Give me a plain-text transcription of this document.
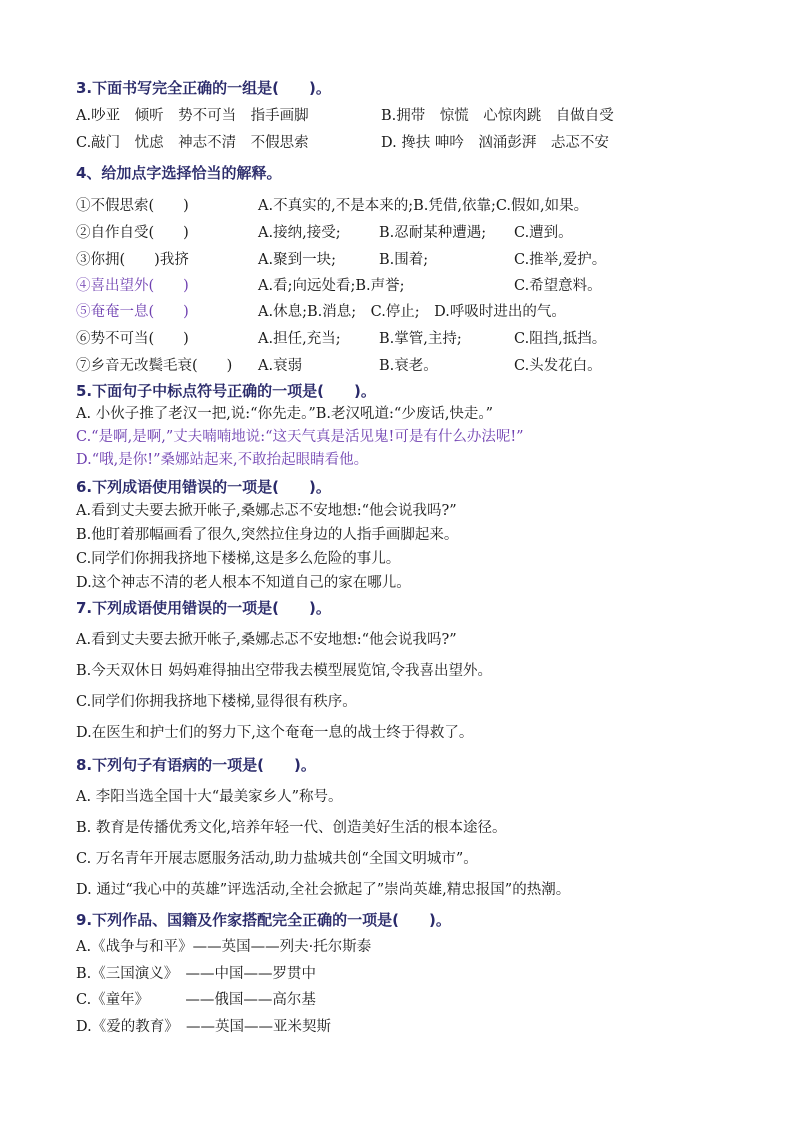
3.下面书写完全正确的一组是(　　)。
A.吵亚　倾听　势不可当　指手画脚	B.拥带　惊慌　心惊肉跳　自做自受
C.敲门　忧虑　神志不清　不假思索	D. 搀扶 呻吟　汹涌彭湃　忐忑不安
4、给加点字选择恰当的解释。
①不假思索(　　)	A.不真实的,不是本来的;B.凭借,依靠;C.假如,如果。
②自作自受(　　)	A.接纳,接受;	B.忍耐某种遭遇; C.遭到。
③你拥(　　)我挤	A.聚到一块;	B.围着;	C.推举,爱护。
④喜出望外(　　)	A.看;向远处看;B.声誉;	C.希望意料。
⑤奄奄一息(　　)	A.休息;B.消息;　C.停止;　D.呼吸时进出的气。
⑥势不可当(　　)	A.担任,充当;	B.掌管,主持;	C.阻挡,抵挡。
⑦乡音无改鬓毛衰(　　) A.衰弱	B.衰老。	C.头发花白。
5.下面句子中标点符号正确的一项是(　　)。
A. 小伙子推了老汉一把,说:“你先走。”B.老汉吼道:“少废话,快走。”
C.“是啊,是啊,”丈夫喃喃地说:“这天气真是活见鬼!可是有什么办法呢!”
D.“哦,是你!”桑娜站起来,不敢抬起眼睛看他。
6.下列成语使用错误的一项是(　　)。
A.看到丈夫要去掀开帐子,桑娜忐忑不安地想:“他会说我吗?”
B.他盯着那幅画看了很久,突然拉住身边的人指手画脚起来。
C.同学们你拥我挤地下楼梯,这是多么危险的事儿。
D.这个神志不清的老人根本不知道自己的家在哪儿。
7.下列成语使用错误的一项是(　　)。
A.看到丈夫要去掀开帐子,桑娜忐忑不安地想:“他会说我吗?”
B.今天双休日 妈妈难得抽出空带我去模型展览馆,令我喜出望外。
C.同学们你拥我挤地下楼梯,显得很有秩序。
D.在医生和护士们的努力下,这个奄奄一息的战士终于得救了。
8.下列句子有语病的一项是(　　)。
A. 李阳当选全国十大“最美家乡人”称号。
B. 教育是传播优秀文化,培养年轻一代、创造美好生活的根本途径。
C. 万名青年开展志愿服务活动,助力盐城共创“全国文明城市”。
D. 通过“我心中的英雄”评选活动,全社会掀起了”崇尚英雄,精忠报国”的热潮。
9.下列作品、国籍及作家搭配完全正确的一项是(　　)。
A.《战争与和平》——英国——列夫·托尔斯泰
B.《三国演义》　——中国——罗贯中
C.《童年》　　　——俄国——高尔基
D.《爱的教育》　——英国——亚米契斯
